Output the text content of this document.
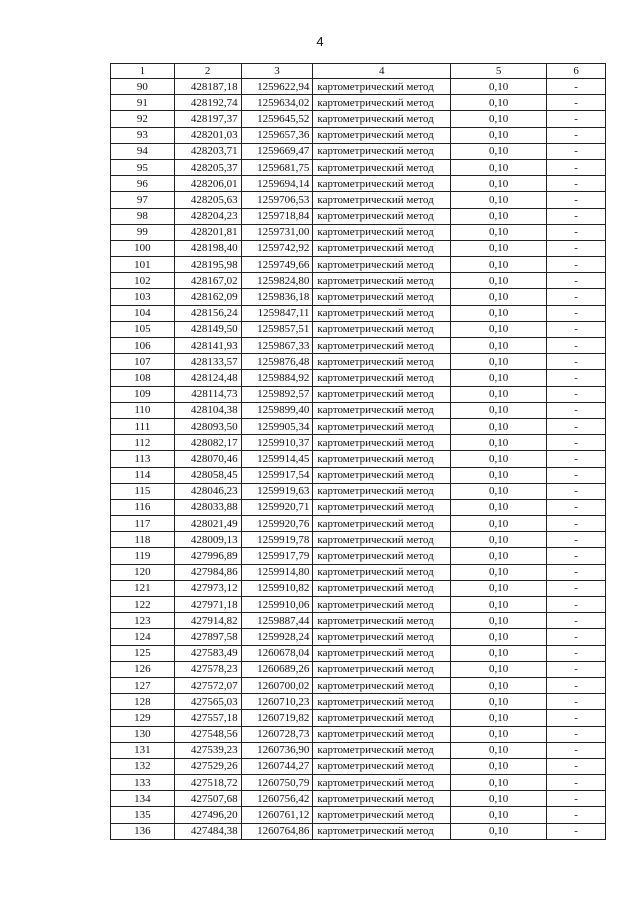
4
1	2	3	4	5	6
90	428187,18	1259622,94	картометрический метод	0,10	-
91	428192,74	1259634,02	картометрический метод	0,10	-
92	428197,37	1259645,52	картометрический метод	0,10	-
93	428201,03	1259657,36	картометрический метод	0,10	-
94	428203,71	1259669,47	картометрический метод	0,10	-
95	428205,37	1259681,75	картометрический метод	0,10	-
96	428206,01	1259694,14	картометрический метод	0,10	-
97	428205,63	1259706,53	картометрический метод	0,10	-
98	428204,23	1259718,84	картометрический метод	0,10	-
99	428201,81	1259731,00	картометрический метод	0,10	-
100	428198,40	1259742,92	картометрический метод	0,10	-
101	428195,98	1259749,66	картометрический метод	0,10	-
102	428167,02	1259824,80	картометрический метод	0,10	-
103	428162,09	1259836,18	картометрический метод	0,10	-
104	428156,24	1259847,11	картометрический метод	0,10	-
105	428149,50	1259857,51	картометрический метод	0,10	-
106	428141,93	1259867,33	картометрический метод	0,10	-
107	428133,57	1259876,48	картометрический метод	0,10	-
108	428124,48	1259884,92	картометрический метод	0,10	-
109	428114,73	1259892,57	картометрический метод	0,10	-
110	428104,38	1259899,40	картометрический метод	0,10	-
111	428093,50	1259905,34	картометрический метод	0,10	-
112	428082,17	1259910,37	картометрический метод	0,10	-
113	428070,46	1259914,45	картометрический метод	0,10	-
114	428058,45	1259917,54	картометрический метод	0,10	-
115	428046,23	1259919,63	картометрический метод	0,10	-
116	428033,88	1259920,71	картометрический метод	0,10	-
117	428021,49	1259920,76	картометрический метод	0,10	-
118	428009,13	1259919,78	картометрический метод	0,10	-
119	427996,89	1259917,79	картометрический метод	0,10	-
120	427984,86	1259914,80	картометрический метод	0,10	-
121	427973,12	1259910,82	картометрический метод	0,10	-
122	427971,18	1259910,06	картометрический метод	0,10	-
123	427914,82	1259887,44	картометрический метод	0,10	-
124	427897,58	1259928,24	картометрический метод	0,10	-
125	427583,49	1260678,04	картометрический метод	0,10	-
126	427578,23	1260689,26	картометрический метод	0,10	-
127	427572,07	1260700,02	картометрический метод	0,10	-
128	427565,03	1260710,23	картометрический метод	0,10	-
129	427557,18	1260719,82	картометрический метод	0,10	-
130	427548,56	1260728,73	картометрический метод	0,10	-
131	427539,23	1260736,90	картометрический метод	0,10	-
132	427529,26	1260744,27	картометрический метод	0,10	-
133	427518,72	1260750,79	картометрический метод	0,10	-
134	427507,68	1260756,42	картометрический метод	0,10	-
135	427496,20	1260761,12	картометрический метод	0,10	-
136	427484,38	1260764,86	картометрический метод	0,10	-
